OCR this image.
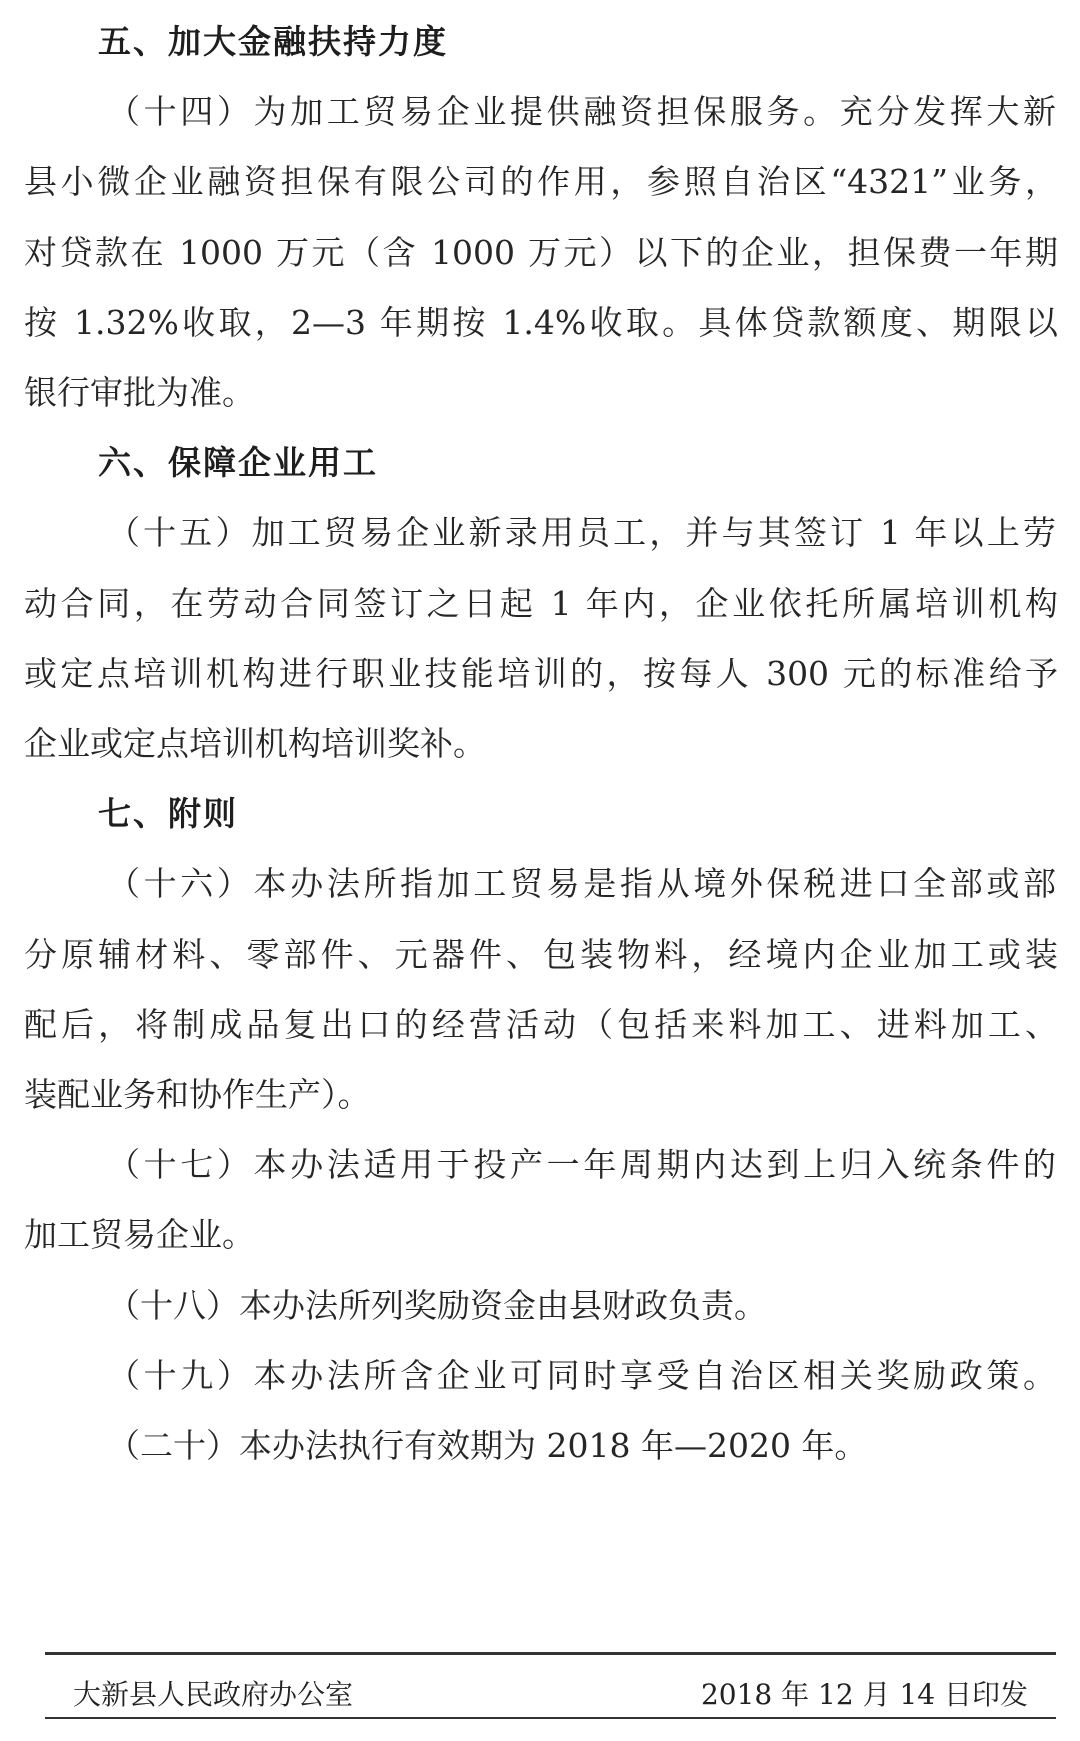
五、加大金融扶持力度
（十四）为加工贸易企业提供融资担保服务。充分发挥大新
县小微企业融资担保有限公司的作用，参照自治区“4321”业务，
对贷款在 1000 万元（含 1000 万元）以下的企业，担保费一年期
按 1.32%收取，2—3 年期按 1.4%收取。具体贷款额度、期限以
银行审批为准。
六、保障企业用工
（十五）加工贸易企业新录用员工，并与其签订 1 年以上劳
动合同，在劳动合同签订之日起 1 年内，企业依托所属培训机构
或定点培训机构进行职业技能培训的，按每人 300 元的标准给予
企业或定点培训机构培训奖补。
七、附则
（十六）本办法所指加工贸易是指从境外保税进口全部或部
分原辅材料、零部件、元器件、包装物料，经境内企业加工或装
配后，将制成品复出口的经营活动（包括来料加工、进料加工、
装配业务和协作生产）。
（十七）本办法适用于投产一年周期内达到上归入统条件的
加工贸易企业。
（十八）本办法所列奖励资金由县财政负责。
（十九）本办法所含企业可同时享受自治区相关奖励政策。
（二十）本办法执行有效期为 2018 年—2020 年。
大新县人民政府办公室	2018 年 12 月 14 日印发
